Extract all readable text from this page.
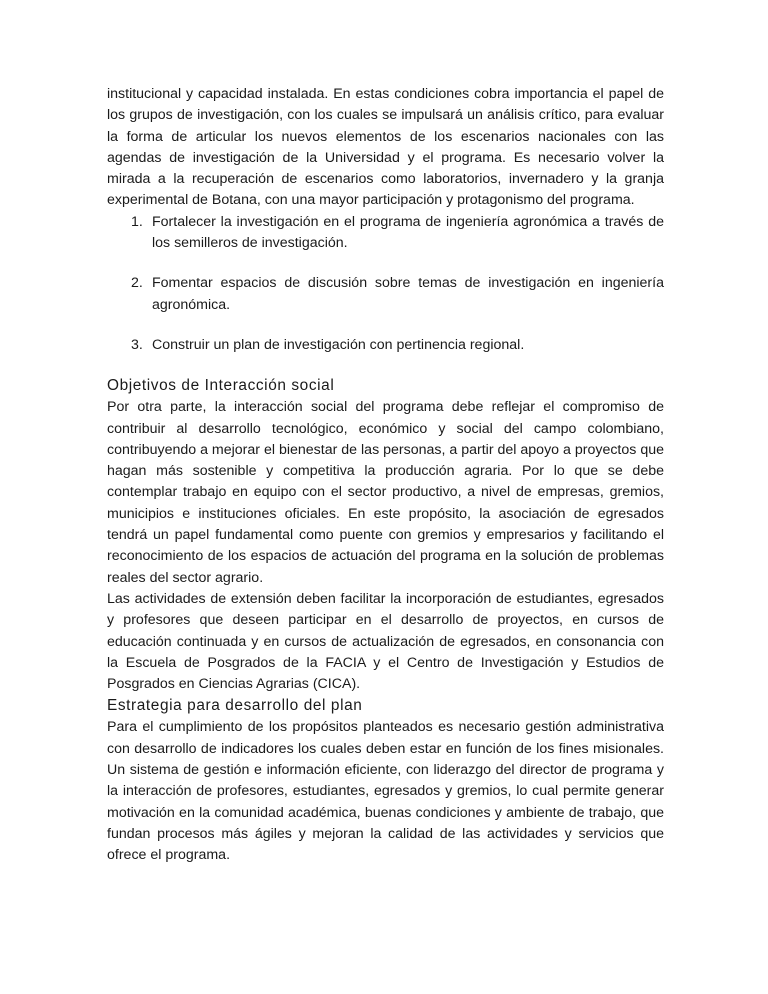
institucional y capacidad instalada. En estas condiciones cobra importancia el papel de los grupos de investigación, con los cuales se impulsará un análisis crítico, para evaluar la forma de articular los nuevos elementos de los escenarios nacionales con las agendas de investigación de la Universidad y el programa. Es necesario volver la mirada a la recuperación de escenarios como laboratorios, invernadero y la granja experimental de Botana, con una mayor participación y protagonismo del programa.

1. Fortalecer la investigación en el programa de ingeniería agronómica a través de los semilleros de investigación.
2. Fomentar espacios de discusión sobre temas de investigación en ingeniería agronómica.
3. Construir un plan de investigación con pertinencia regional.
Objetivos de Interacción social

Por otra parte, la interacción social del programa debe reflejar el compromiso de contribuir al desarrollo tecnológico, económico y social del campo colombiano, contribuyendo a mejorar el bienestar de las personas, a partir del apoyo a proyectos que hagan más sostenible y competitiva la producción agraria. Por lo que se debe contemplar trabajo en equipo con el sector productivo, a nivel de empresas, gremios, municipios e instituciones oficiales. En este propósito, la asociación de egresados tendrá un papel fundamental como puente con gremios y empresarios y facilitando el reconocimiento de los espacios de actuación del programa en la solución de problemas reales del sector agrario.

Las actividades de extensión deben facilitar la incorporación de estudiantes, egresados y profesores que deseen participar en el desarrollo de proyectos, en cursos de educación continuada y en cursos de actualización de egresados, en consonancia con la Escuela de Posgrados de la FACIA y el Centro de Investigación y Estudios de Posgrados en Ciencias Agrarias (CICA).

Estrategia para desarrollo del plan

Para el cumplimiento de los propósitos planteados es necesario gestión administrativa con desarrollo de indicadores los cuales deben estar en función de los fines misionales. Un sistema de gestión e información eficiente, con liderazgo del director de programa y la interacción de profesores, estudiantes, egresados y gremios, lo cual permite generar motivación en la comunidad académica, buenas condiciones y ambiente de trabajo, que fundan procesos más ágiles y mejoran la calidad de las actividades y servicios que ofrece el programa.
